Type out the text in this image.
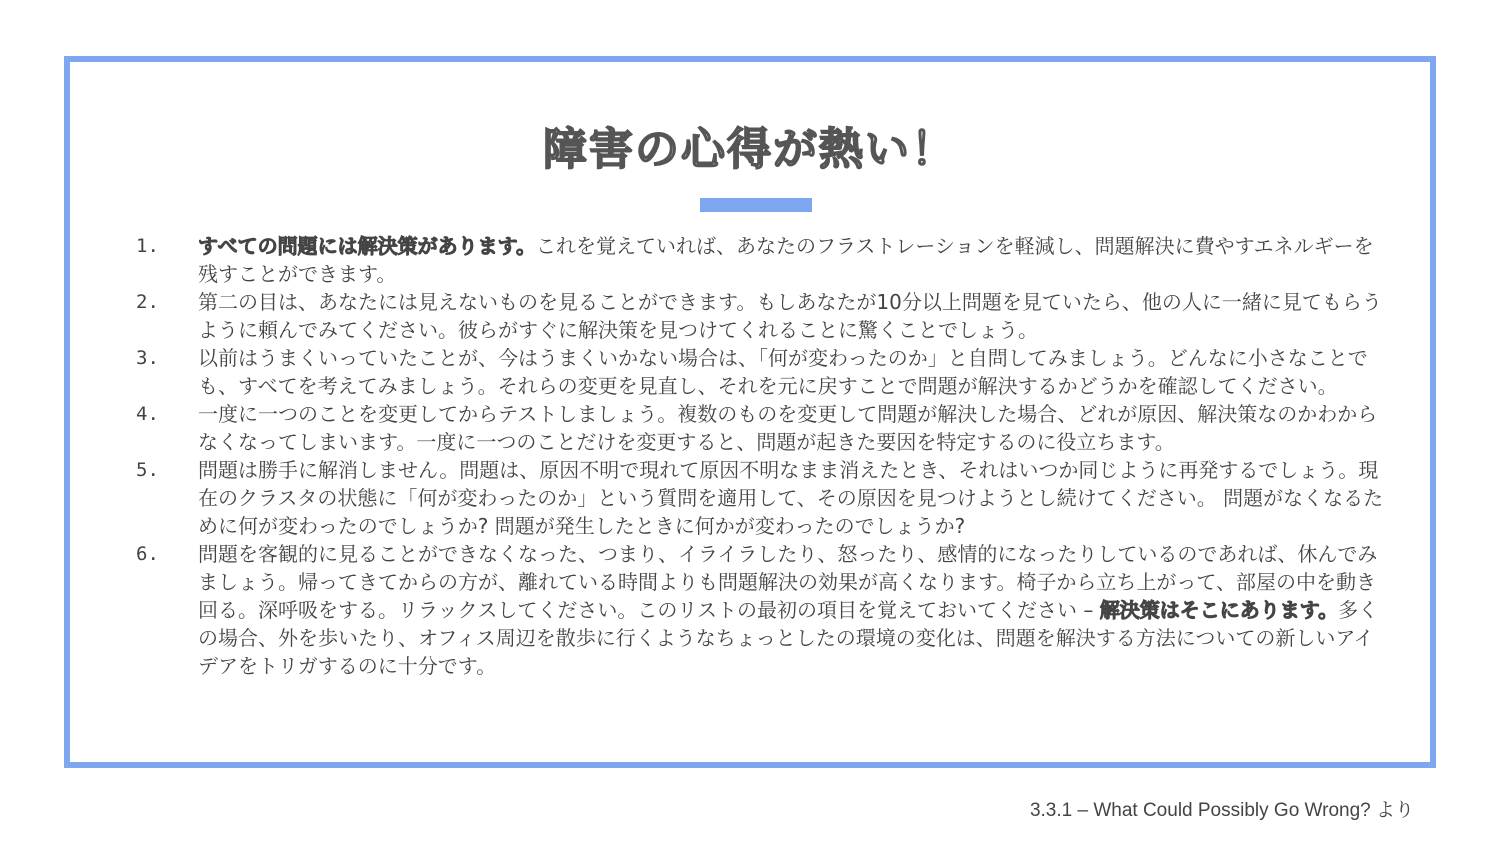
障害の心得が熱い！
1.	すべての問題には解決策があります。これを覚えていれば、あなたのフラストレーションを軽減し、問題解決に費やすエネルギーを残すことができます。
2.	第二の目は、あなたには見えないものを見ることができます。もしあなたが10分以上問題を見ていたら、他の人に一緒に見てもらうように頼んでみてください。彼らがすぐに解決策を見つけてくれることに驚くことでしょう。
3.	以前はうまくいっていたことが、今はうまくいかない場合は、「何が変わったのか」と自問してみましょう。どんなに小さなことでも、すべてを考えてみましょう。それらの変更を見直し、それを元に戻すことで問題が解決するかどうかを確認してください。
4.	一度に一つのことを変更してからテストしましょう。複数のものを変更して問題が解決した場合、どれが原因、解決策なのかわからなくなってしまいます。一度に一つのことだけを変更すると、問題が起きた要因を特定するのに役立ちます。
5.	問題は勝手に解消しません。問題は、原因不明で現れて原因不明なまま消えたとき、それはいつか同じように再発するでしょう。現在のクラスタの状態に「何が変わったのか」という質問を適用して、その原因を見つけようとし続けてください。 問題がなくなるために何が変わったのでしょうか? 問題が発生したときに何かが変わったのでしょうか?
6.	問題を客観的に見ることができなくなった、つまり、イライラしたり、怒ったり、感情的になったりしているのであれば、休んでみましょう。帰ってきてからの方が、離れている時間よりも問題解決の効果が高くなります。椅子から立ち上がって、部屋の中を動き回る。深呼吸をする。リラックスしてください。このリストの最初の項目を覚えておいてください – 解決策はそこにあります。多くの場合、外を歩いたり、オフィス周辺を散歩に行くようなちょっとしたの環境の変化は、問題を解決する方法についての新しいアイデアをトリガするのに十分です。
3.3.1 – What Could Possibly Go Wrong? より
